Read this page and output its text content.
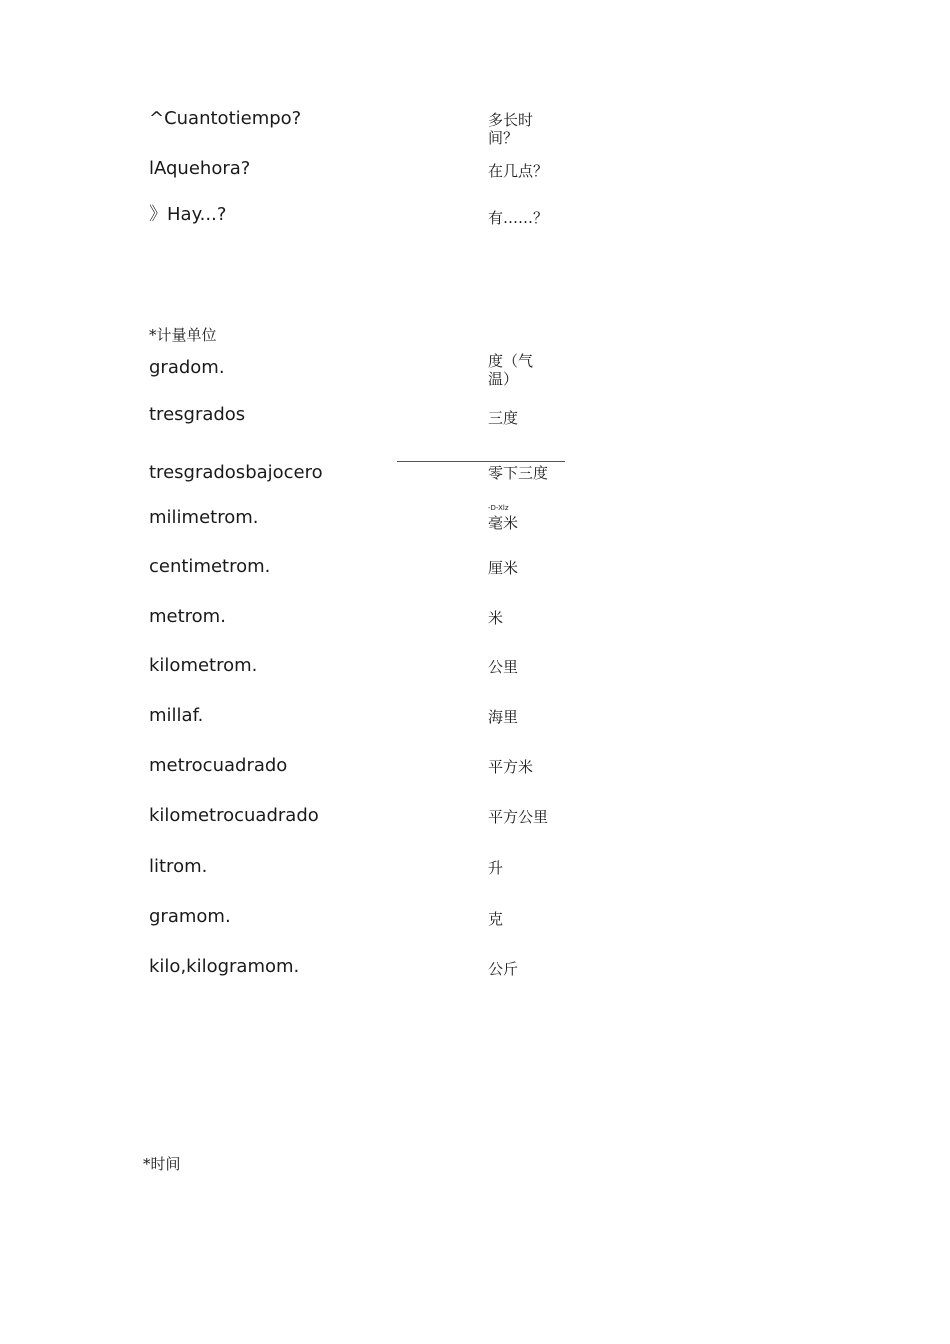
^Cuantotiempo?	多长时间？
lAquehora?	在几点？
》Hay...?	有……？
*计量单位
gradom.	度（气温）
tresgrados	三度
tresgradosbajocero	零下三度
-D-Xlz
milimetrom.	毫米
centimetrom.	厘米
metrom.	米
kilometrom.	公里
millaf.	海里
metrocuadrado	平方米
kilometrocuadrado	平方公里
litrom.	升
gramom.	克
kilo,kilogramom.	公斤
*时间
